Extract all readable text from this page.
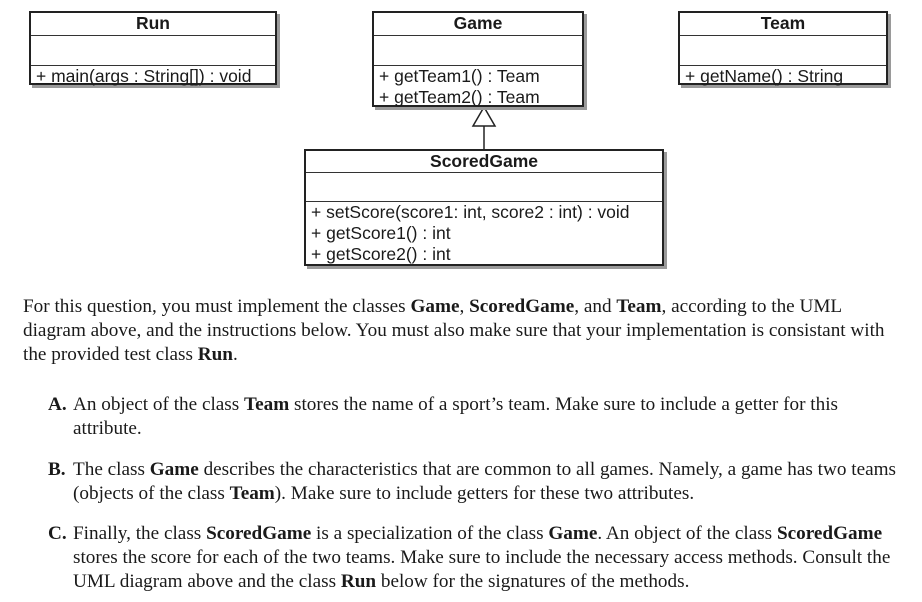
Run
+ main(args : String[]) : void
Game
+ getTeam1() : Team
+ getTeam2() : Team
Team
+ getName() : String
ScoredGame
+ setScore(score1: int, score2 : int) : void
+ getScore1() : int
+ getScore2() : int
For this question, you must implement the classes Game, ScoredGame, and Team, according to the UML diagram above, and the instructions below. You must also make sure that your implementation is consistant with the provided test class Run.
A. An object of the class Team stores the name of a sport’s team. Make sure to include a getter for this attribute.
B. The class Game describes the characteristics that are common to all games. Namely, a game has two teams (objects of the class Team). Make sure to include getters for these two attributes.
C. Finally, the class ScoredGame is a specialization of the class Game. An object of the class ScoredGame stores the score for each of the two teams. Make sure to include the necessary access methods. Consult the UML diagram above and the class Run below for the signatures of the methods.
